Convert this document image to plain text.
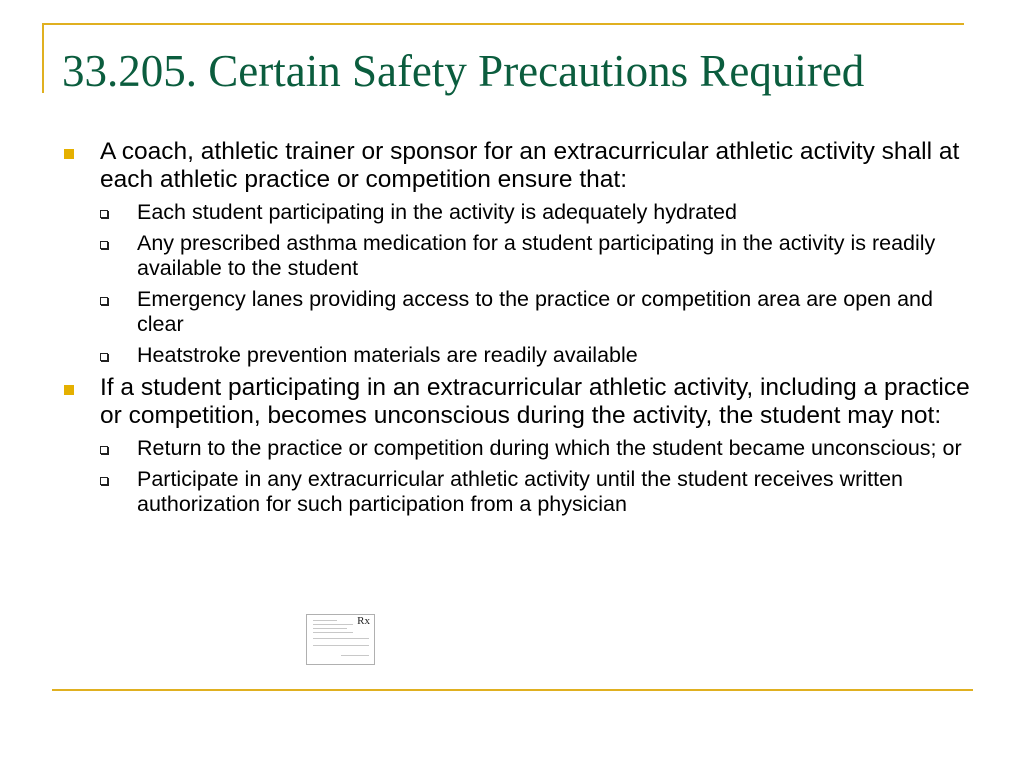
33.205. Certain Safety Precautions Required
A coach, athletic trainer or sponsor for an extracurricular athletic activity shall at each athletic practice or competition ensure that:
Each student participating in the activity is adequately hydrated
Any prescribed asthma medication for a student participating in the activity is readily available to the student
Emergency lanes providing access to the practice or competition area are open and clear
Heatstroke prevention materials are readily available
If a student participating in an extracurricular athletic activity, including a practice or competition, becomes unconscious during the activity, the student may not:
Return to the practice or competition during which the student became unconscious; or
Participate in any extracurricular athletic activity until the student receives written authorization for such participation from a physician
Rx
